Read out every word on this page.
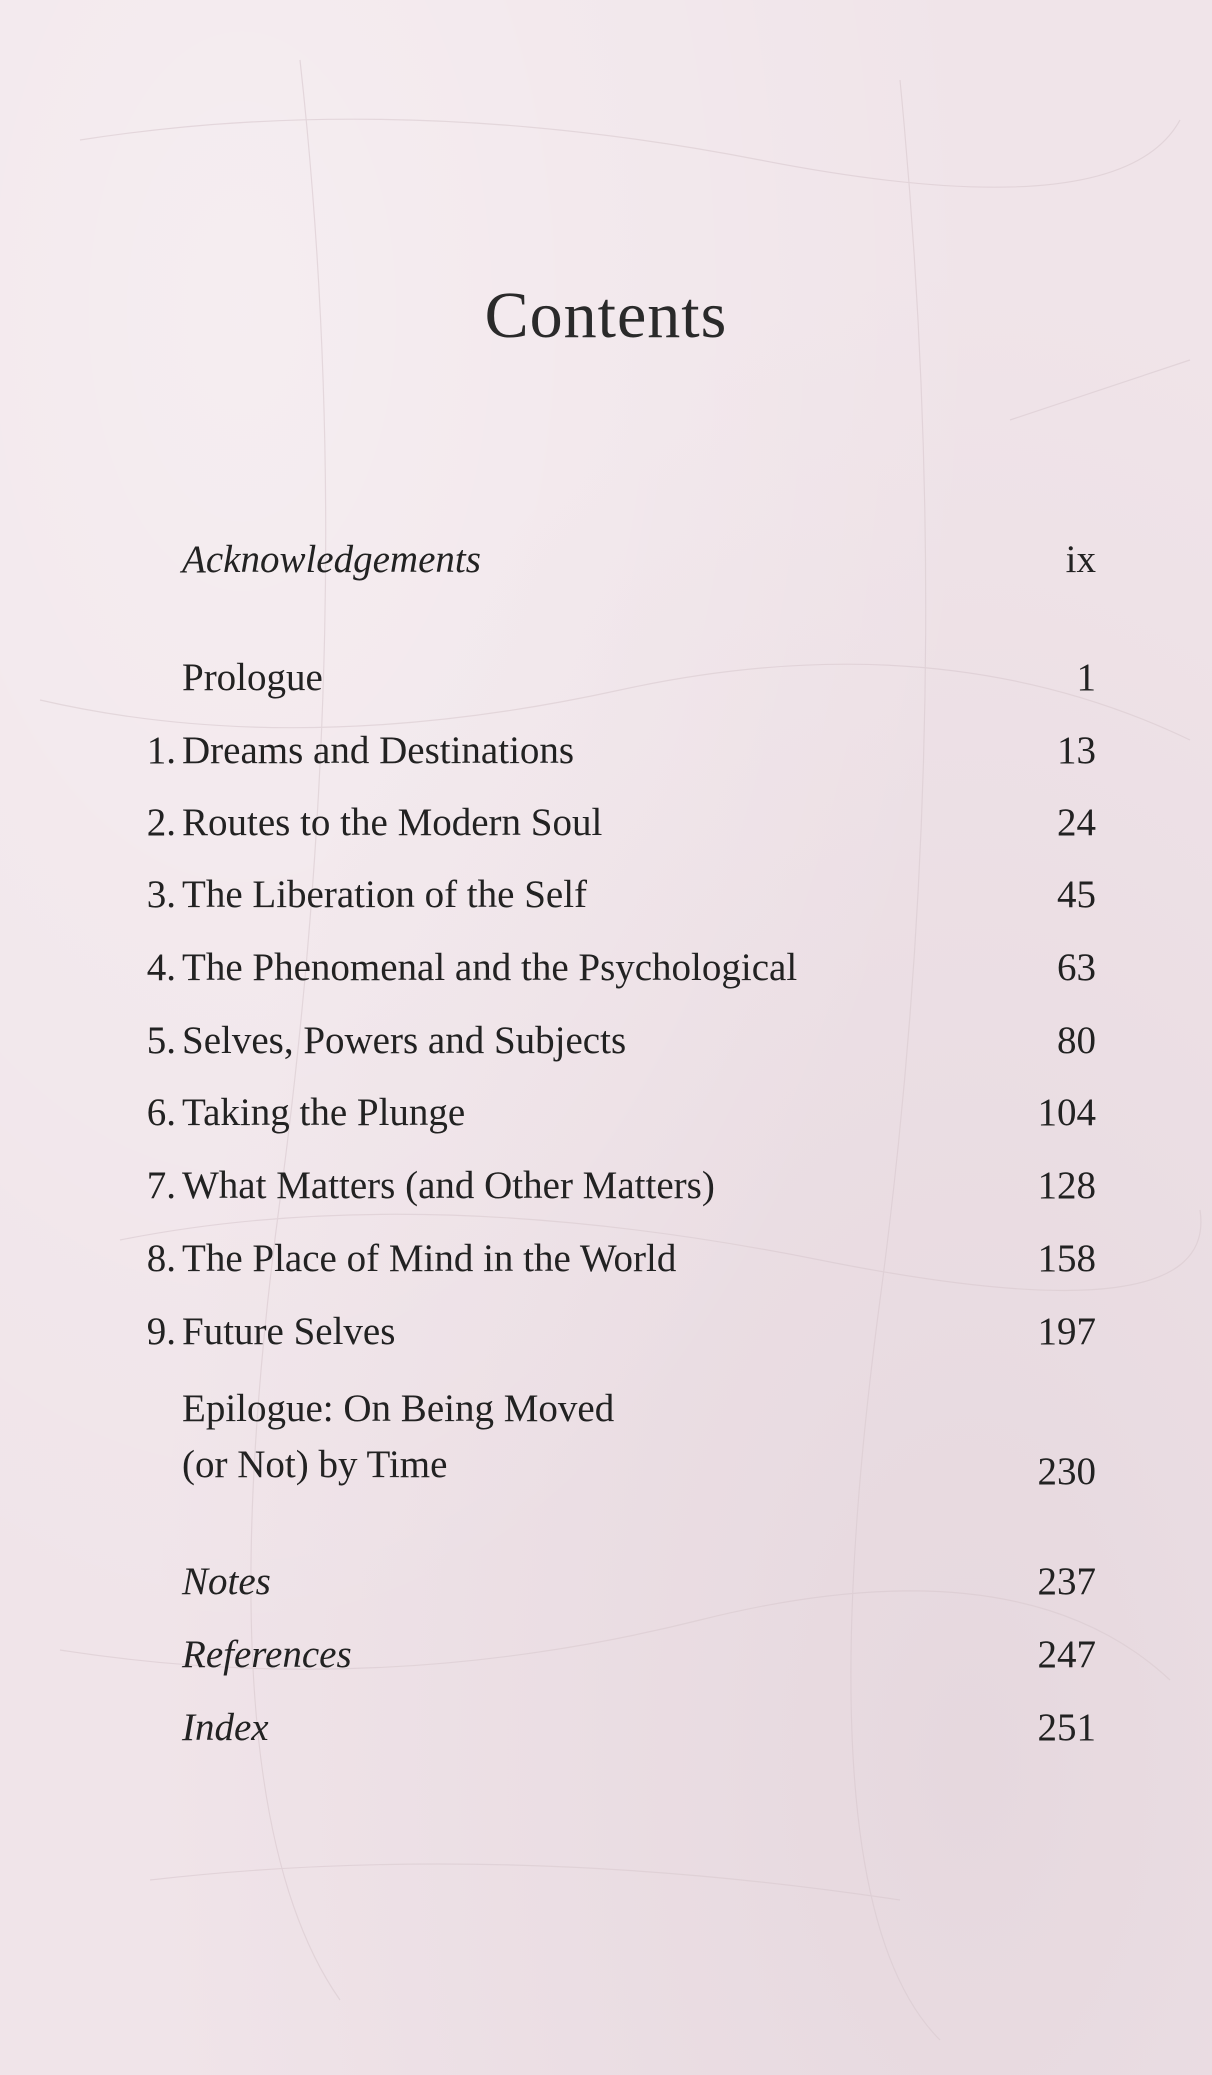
Contents
Acknowledgements	ix
Prologue	1
1. Dreams and Destinations	13
2. Routes to the Modern Soul	24
3. The Liberation of the Self	45
4. The Phenomenal and the Psychological	63
5. Selves, Powers and Subjects	80
6. Taking the Plunge	104
7. What Matters (and Other Matters)	128
8. The Place of Mind in the World	158
9. Future Selves	197
Epilogue: On Being Moved
(or Not) by Time	230
Notes	237
References	247
Index	251
